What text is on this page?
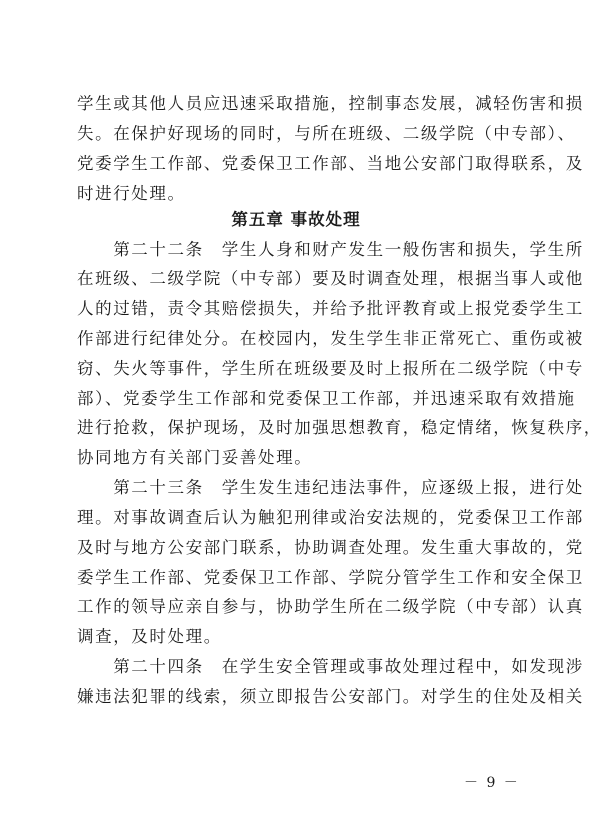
学生或其他人员应迅速采取措施，控制事态发展，减轻伤害和损
失。在保护好现场的同时，与所在班级、二级学院（中专部）、
党委学生工作部、党委保卫工作部、当地公安部门取得联系，及
时进行处理。
第五章 事故处理
　　第二十二条　学生人身和财产发生一般伤害和损失，学生所
在班级、二级学院（中专部）要及时调查处理，根据当事人或他
人的过错，责令其赔偿损失，并给予批评教育或上报党委学生工
作部进行纪律处分。在校园内，发生学生非正常死亡、重伤或被
窃、失火等事件，学生所在班级要及时上报所在二级学院（中专
部）、党委学生工作部和党委保卫工作部，并迅速采取有效措施
进行抢救，保护现场，及时加强思想教育，稳定情绪，恢复秩序，
协同地方有关部门妥善处理。
　　第二十三条　学生发生违纪违法事件，应逐级上报，进行处
理。对事故调查后认为触犯刑律或治安法规的，党委保卫工作部
及时与地方公安部门联系，协助调查处理。发生重大事故的，党
委学生工作部、党委保卫工作部、学院分管学生工作和安全保卫
工作的领导应亲自参与，协助学生所在二级学院（中专部）认真
调查，及时处理。
　　第二十四条　在学生安全管理或事故处理过程中，如发现涉
嫌违法犯罪的线索，须立即报告公安部门。对学生的住处及相关
－ 9 －
